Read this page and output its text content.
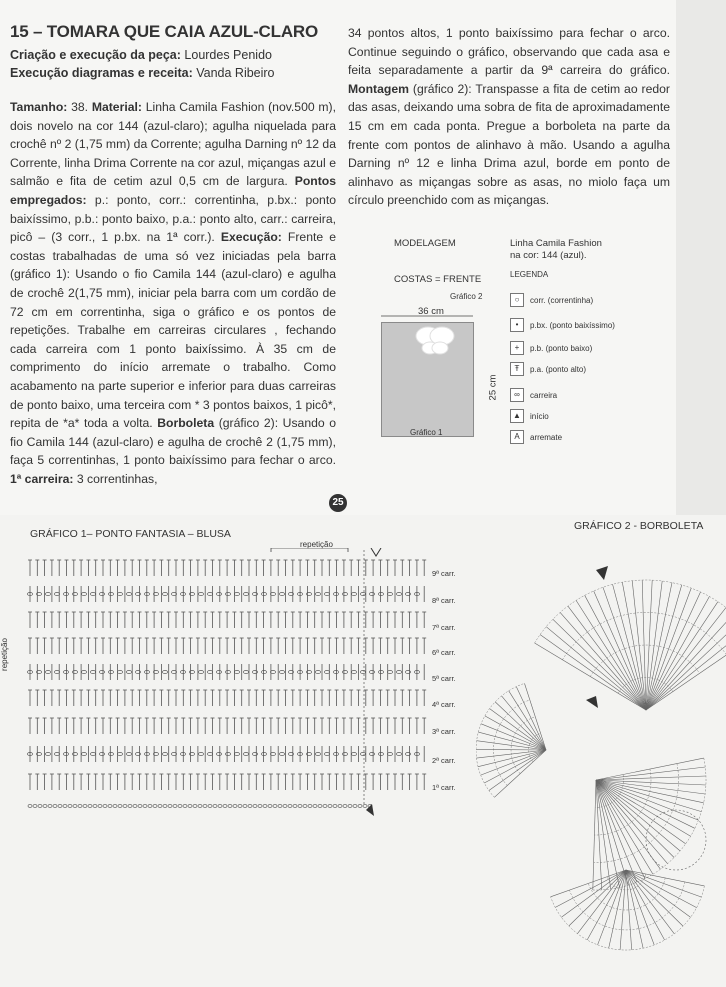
15 – TOMARA QUE CAIA AZUL-CLARO
Criação e execução da peça: Lourdes Penido
Execução diagramas e receita: Vanda Ribeiro
Tamanho: 38. Material: Linha Camila Fashion (nov.500 m), dois novelo na cor 144 (azul-claro); agulha niquelada para crochê nº 2 (1,75 mm) da Corrente; agulha Darning nº 12 da Corrente, linha Drima Corrente na cor azul, miçangas azul e salmão e fita de cetim azul 0,5 cm de largura. Pontos empregados: p.: ponto, corr.: correntinha, p.bx.: ponto baixíssimo, p.b.: ponto baixo, p.a.: ponto alto, carr.: carreira, picô – (3 corr., 1 p.bx. na 1ª corr.). Execução: Frente e costas trabalhadas de uma só vez iniciadas pela barra (gráfico 1): Usando o fio Camila 144 (azul-claro) e agulha de crochê 2(1,75 mm), iniciar pela barra com um cordão de 72 cm em correntinha, siga o gráfico e os pontos de repetições. Trabalhe em carreiras circulares , fechando cada carreira com 1 ponto baixíssimo. À 35 cm de comprimento do início arremate o trabalho. Como acabamento na parte superior e inferior para duas carreiras de ponto baixo, uma terceira com * 3 pontos baixos, 1 picô*, repita de *a* toda a volta. Borboleta (gráfico 2): Usando o fio Camila 144 (azul-claro) e agulha de crochê 2 (1,75 mm), faça 5 correntinhas, 1 ponto baixíssimo para fechar o arco. 1ª carreira: 3 correntinhas,
34 pontos altos, 1 ponto baixíssimo para fechar o arco. Continue seguindo o gráfico, observando que cada asa e feita separadamente a partir da 9ª carreira do gráfico. Montagem (gráfico 2): Transpasse a fita de cetim ao redor das asas, deixando uma sobra de fita de aproximadamente 15 cm em cada ponta. Pregue a borboleta na parte da frente com pontos de alinhavo à mão. Usando a agulha Darning nº 12 e linha Drima azul, borde em ponto de alinhavo as miçangas sobre as asas, no miolo faça um círculo preenchido com as miçangas.
25
MODELAGEM
COSTAS = FRENTE
Gráfico 2
36 cm
25 cm
Gráfico 1
Linha Camila Fashion
na cor: 144 (azul).
LEGENDA
○	corr. (correntinha)
•	p.bx. (ponto baixíssimo)
+	p.b. (ponto baixo)
Ŧ	p.a. (ponto alto)
∞	carreira
▲	início
A	arremate
GRÁFICO 1– PONTO FANTASIA – BLUSA
repetição
repetição
9ª carr.
8ª carr.
7ª carr.
6ª carr.
5ª carr.
4ª carr.
3ª carr.
2ª carr.
1ª carr.
GRÁFICO 2 - BORBOLETA
